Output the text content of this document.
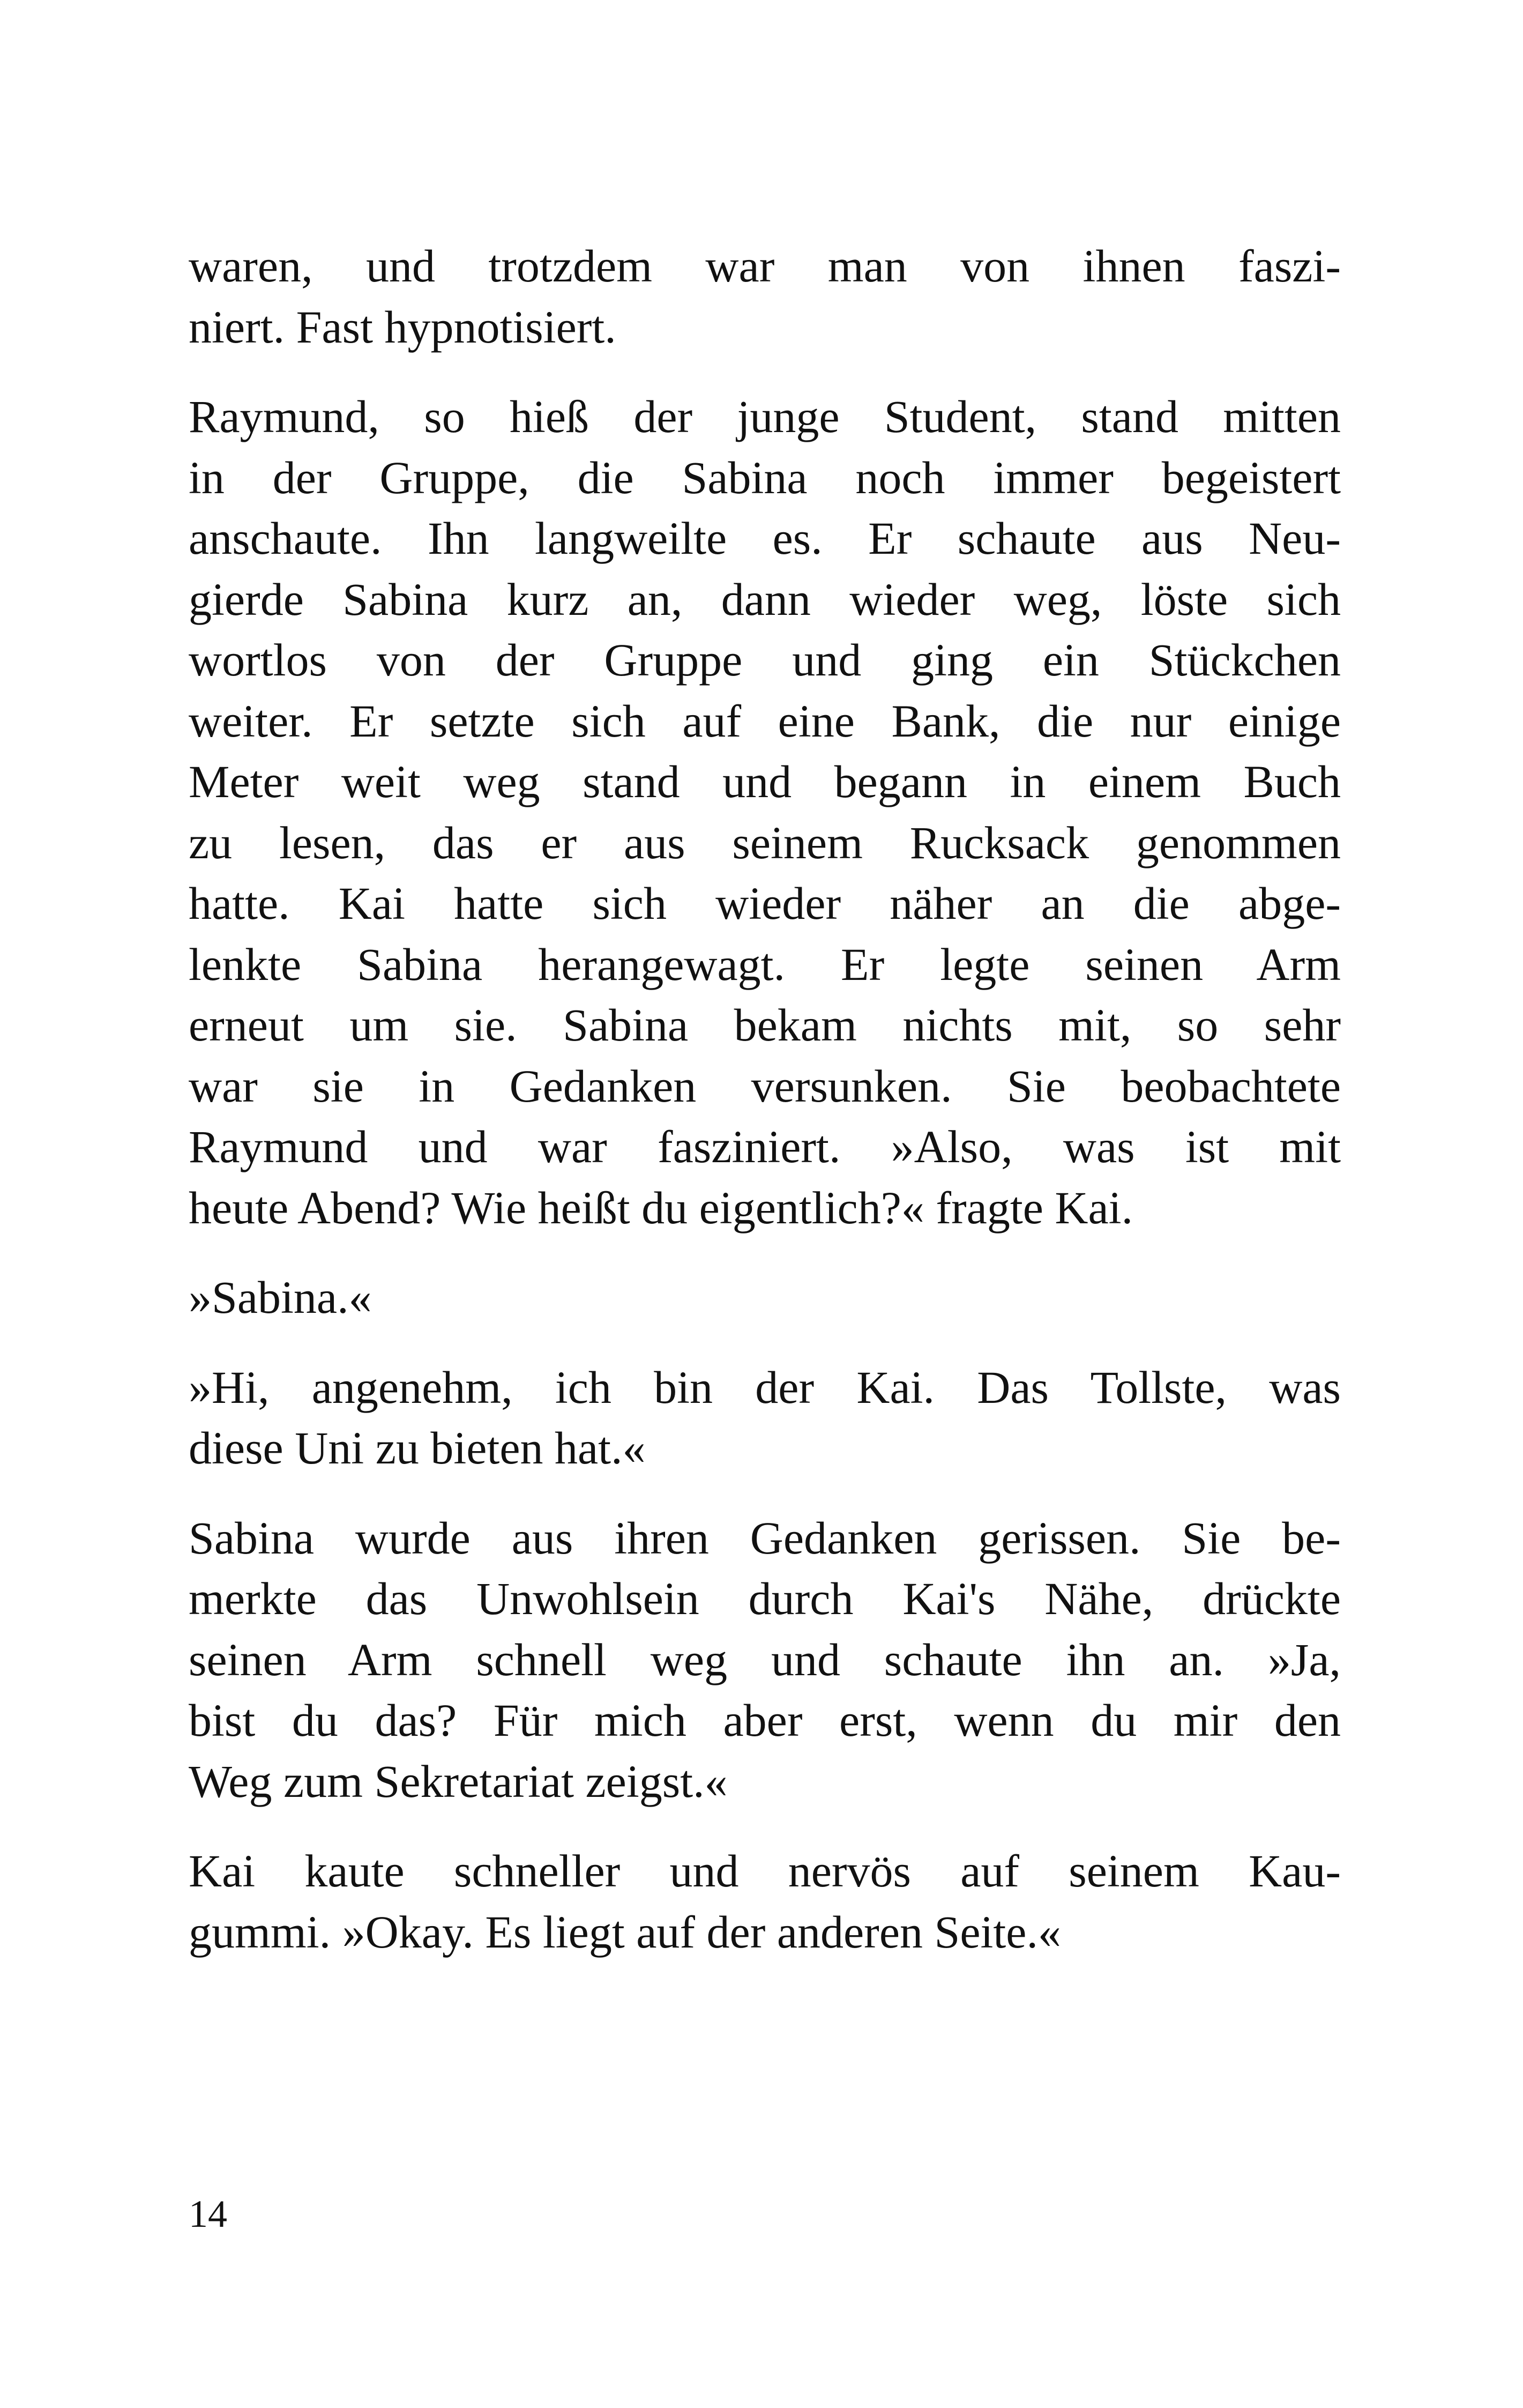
waren, und trotzdem war man von ihnen faszi-
niert. Fast hypnotisiert.

Raymund, so hieß der junge Student, stand mitten
in der Gruppe, die Sabina noch immer begeistert
anschaute. Ihn langweilte es. Er schaute aus Neu-
gierde Sabina kurz an, dann wieder weg, löste sich
wortlos von der Gruppe und ging ein Stückchen
weiter. Er setzte sich auf eine Bank, die nur einige
Meter weit weg stand und begann in einem Buch
zu lesen, das er aus seinem Rucksack genommen
hatte. Kai hatte sich wieder näher an die abge-
lenkte Sabina herangewagt. Er legte seinen Arm
erneut um sie. Sabina bekam nichts mit, so sehr
war sie in Gedanken versunken. Sie beobachtete
Raymund und war fasziniert. »Also, was ist mit
heute Abend? Wie heißt du eigentlich?« fragte Kai.

»Sabina.«

»Hi, angenehm, ich bin der Kai. Das Tollste, was
diese Uni zu bieten hat.«

Sabina wurde aus ihren Gedanken gerissen. Sie be-
merkte das Unwohlsein durch Kai's Nähe, drückte
seinen Arm schnell weg und schaute ihn an. »Ja,
bist du das? Für mich aber erst, wenn du mir den
Weg zum Sekretariat zeigst.«

Kai kaute schneller und nervös auf seinem Kau-
gummi. »Okay. Es liegt auf der anderen Seite.«

14
